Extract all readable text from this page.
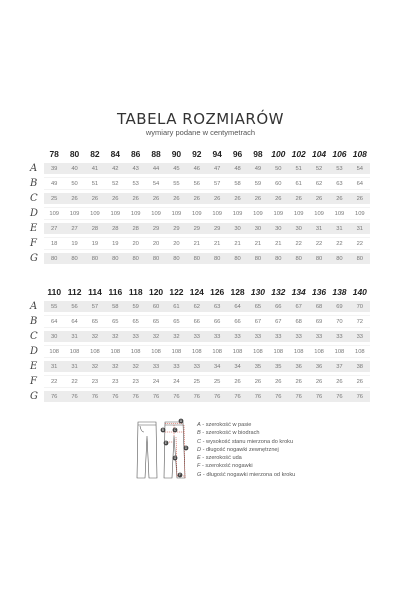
TABELA ROZMIARÓW
wymiary podane w centymetrach
78	80	82	84	86	88	90	92	94	96	98	100 102 104 106 108
A	39	40	41	42	43	44	45	46	47	48	49	50	51	52	53	54
B	49	50	51	52	53	54	55	56	57	58	59	60	61	62	63	64
C	25	26	26	26	26	26	26	26	26	26	26	26	26	26	26	26
D	109	109	109	109	109	109	109	109	109	109	109	109	109	109	109	109
E	27	27	28	28	28	29	29	29	29	30	30	30	30	31	31	31
F	18	19	19	19	20	20	20	21	21	21	21	21	22	22	22	22
G	80	80	80	80	80	80	80	80	80	80	80	80	80	80	80	80
110 112 114 116 118 120 122 124 126 128 130 132 134 136 138 140
A	55	56	57	58	59	60	61	62	63	64	65	66	67	68	69	70
B	64	64	65	65	65	65	65	66	66	66	67	67	68	69	70	72
C	30	31	32	32	33	32	32	33	33	33	33	33	33	33	33	33
D	108	108	108	108	108	108	108	108	108	108	108	108	108	108	108	108
E	31	31	32	32	32	33	33	33	34	34	35	35	36	36	37	38
F	22	22	23	23	23	24	24	25	25	26	26	26	26	26	26	26
G	76	76	76	76	76	76	76	76	76	76	76	76	76	76	76	76
A
B	C
D
E
F
G
A - szerokość w pasie
B - szerokość w biodrach
C - wysokość stanu mierzona do kroku
D - długość nogawki zewnętrznej
E - szerokość uda
F - szerokość nogawki
G - długość nogawki mierzona od kroku
